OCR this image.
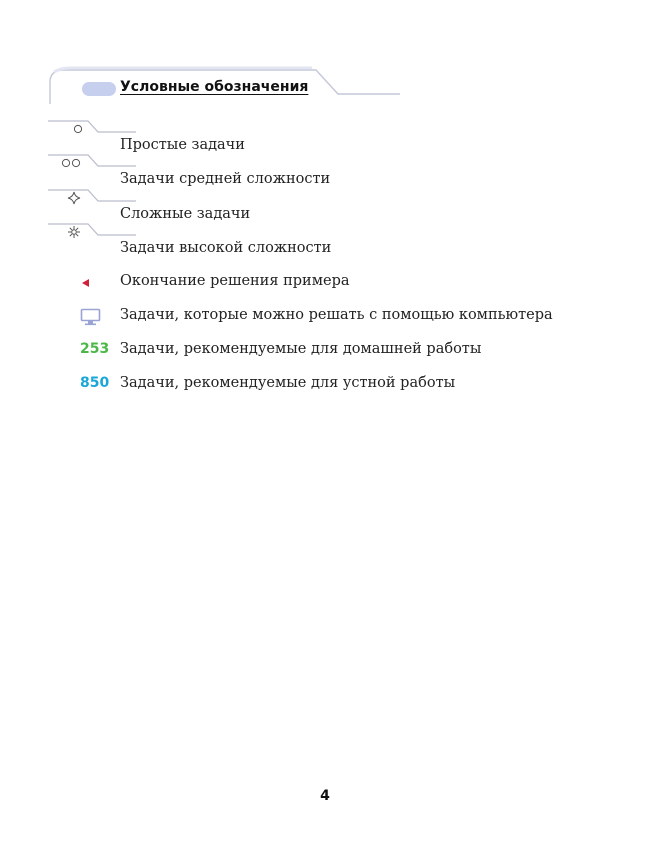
Условные обозначения
Простые задачи
Задачи средней сложности
Сложные задачи
Задачи высокой сложности
Окончание решения примера
Задачи, которые можно решать с помощью компьютера
253 Задачи, рекомендуемые для домашней работы
850 Задачи, рекомендуемые для устной работы
4
